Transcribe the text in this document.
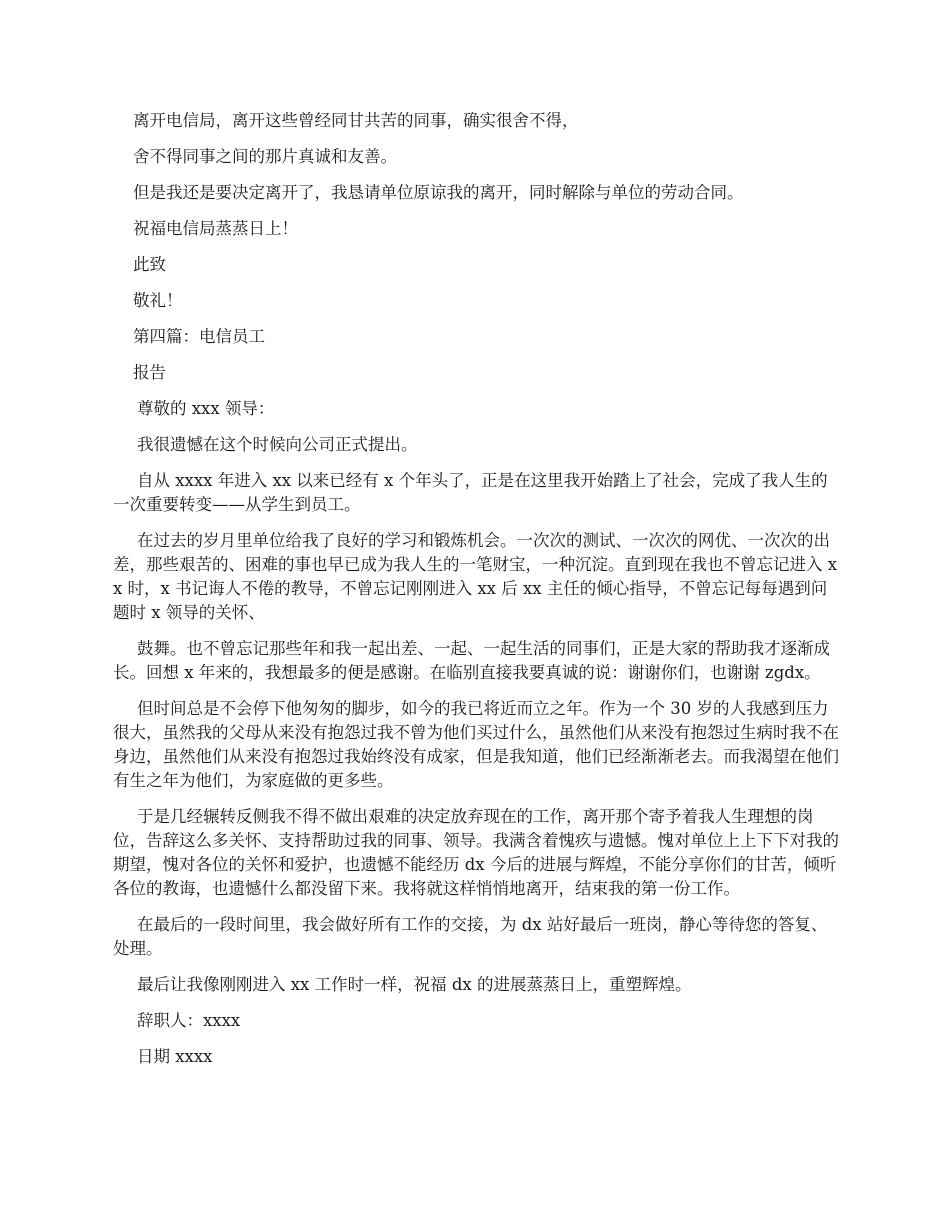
离开电信局，离开这些曾经同甘共苦的同事，确实很舍不得，

舍不得同事之间的那片真诚和友善。

但是我还是要决定离开了，我恳请单位原谅我的离开，同时解除与单位的劳动合同。

祝福电信局蒸蒸日上！

此致

敬礼！

第四篇：电信员工

报告

尊敬的 xxx 领导：

我很遗憾在这个时候向公司正式提出。

自从 xxxx 年进入 xx 以来已经有 x 个年头了，正是在这里我开始踏上了社会，完成了我人生的一次重要转变——从学生到员工。

在过去的岁月里单位给我了良好的学习和锻炼机会。一次次的测试、一次次的网优、一次次的出差，那些艰苦的、困难的事也早已成为我人生的一笔财宝，一种沉淀。直到现在我也不曾忘记进入 xx 时，x 书记诲人不倦的教导，不曾忘记刚刚进入 xx 后 xx 主任的倾心指导，不曾忘记每每遇到问题时 x 领导的关怀、

鼓舞。也不曾忘记那些年和我一起出差、一起、一起生活的同事们，正是大家的帮助我才逐渐成长。回想 x 年来的，我想最多的便是感谢。在临别直接我要真诚的说：谢谢你们，也谢谢 zgdx。

但时间总是不会停下他匆匆的脚步，如今的我已将近而立之年。作为一个 30 岁的人我感到压力很大，虽然我的父母从来没有抱怨过我不曾为他们买过什么，虽然他们从来没有抱怨过生病时我不在身边，虽然他们从来没有抱怨过我始终没有成家，但是我知道，他们已经渐渐老去。而我渴望在他们有生之年为他们，为家庭做的更多些。

于是几经辗转反侧我不得不做出艰难的决定放弃现在的工作，离开那个寄予着我人生理想的岗位，告辞这么多关怀、支持帮助过我的同事、领导。我满含着愧疚与遗憾。愧对单位上上下下对我的期望，愧对各位的关怀和爱护，也遗憾不能经历 dx 今后的进展与辉煌，不能分享你们的甘苦，倾听各位的教诲，也遗憾什么都没留下来。我将就这样悄悄地离开，结束我的第一份工作。

在最后的一段时间里，我会做好所有工作的交接，为 dx 站好最后一班岗，静心等待您的答复、处理。

最后让我像刚刚进入 xx 工作时一样，祝福 dx 的进展蒸蒸日上，重塑辉煌。

辞职人：xxxx

日期 xxxx
